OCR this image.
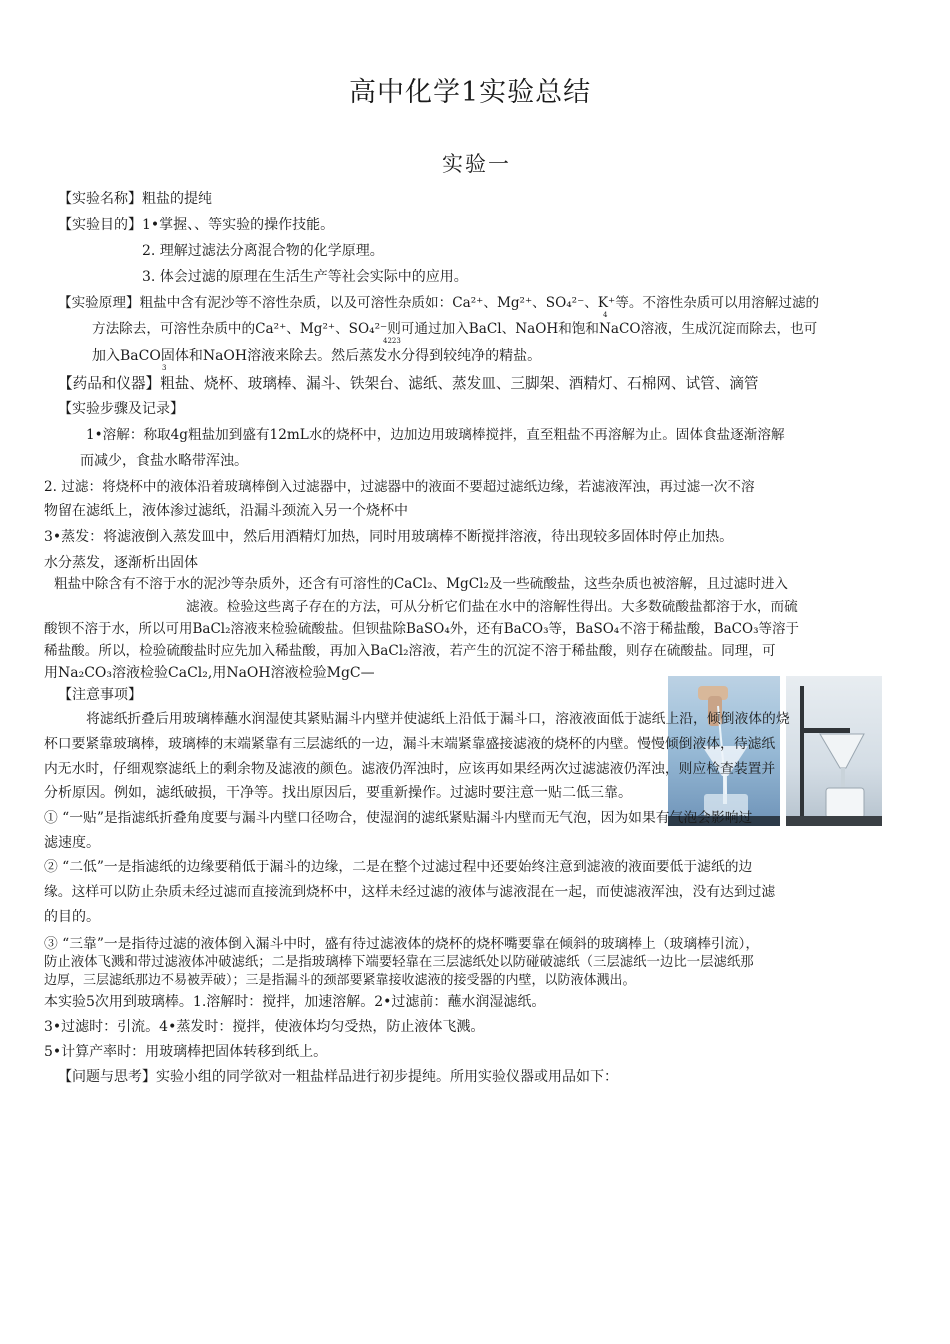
高中化学1实验总结
实验一
【实验名称】粗盐的提纯
【实验目的】1•掌握、、等实验的操作技能。
2. 理解过滤法分离混合物的化学原理。
3. 体会过滤的原理在生活生产等社会实际中的应用。
【实验原理】粗盐中含有泥沙等不溶性杂质，以及可溶性杂质如：Ca²⁺、Mg²⁺、SO₄²⁻、K⁺等。不溶性杂质可以用溶解过滤的
4
方法除去，可溶性杂质中的Ca²⁺、Mg²⁺、SO₄²⁻则可通过加入BaCl、NaOH和饱和NaCO溶液，生成沉淀而除去，也可
4223
加入BaCO固体和NaOH溶液来除去。然后蒸发水分得到较纯净的精盐。
3
【药品和仪器】粗盐、烧杯、玻璃棒、漏斗、铁架台、滤纸、蒸发皿、三脚架、酒精灯、石棉网、试管、滴管
【实验步骤及记录】
1•溶解：称取4g粗盐加到盛有12mL水的烧杯中，边加边用玻璃棒搅拌，直至粗盐不再溶解为止。固体食盐逐渐溶解
而减少，食盐水略带浑浊。
2. 过滤：将烧杯中的液体沿着玻璃棒倒入过滤器中，过滤器中的液面不要超过滤纸边缘，若滤液浑浊，再过滤一次不溶
物留在滤纸上，液体渗过滤纸，沿漏斗颈流入另一个烧杯中
3•蒸发：将滤液倒入蒸发皿中，然后用酒精灯加热，同时用玻璃棒不断搅拌溶液，待出现较多固体时停止加热。
水分蒸发，逐渐析出固体
粗盐中除含有不溶于水的泥沙等杂质外，还含有可溶性的CaCl₂、MgCl₂及一些硫酸盐，这些杂质也被溶解，且过滤时进入
滤液。检验这些离子存在的方法，可从分析它们盐在水中的溶解性得出。大多数硫酸盐都溶于水，而硫
酸钡不溶于水，所以可用BaCl₂溶液来检验硫酸盐。但钡盐除BaSO₄外，还有BaCO₃等，BaSO₄不溶于稀盐酸，BaCO₃等溶于
稀盐酸。所以，检验硫酸盐时应先加入稀盐酸，再加入BaCl₂溶液，若产生的沉淀不溶于稀盐酸，则存在硫酸盐。同理，可
用Na₂CO₃溶液检验CaCl₂,用NaOH溶液检验MgC—
【注意事项】
将滤纸折叠后用玻璃棒蘸水润湿使其紧贴漏斗内壁并使滤纸上沿低于漏斗口，溶液液面低于滤纸上沿，倾倒液体的烧
杯口要紧靠玻璃棒，玻璃棒的末端紧靠有三层滤纸的一边，漏斗末端紧靠盛接滤液的烧杯的内壁。慢慢倾倒液体，待滤纸
内无水时，仔细观察滤纸上的剩余物及滤液的颜色。滤液仍浑浊时，应该再如果经两次过滤滤液仍浑浊，则应检查装置并
分析原因。例如，滤纸破损，干净等。找出原因后，要重新操作。过滤时要注意一贴二低三靠。
① “一贴”是指滤纸折叠角度要与漏斗内壁口径吻合，使湿润的滤纸紧贴漏斗内壁而无气泡，因为如果有气泡会影响过
滤速度。
② “二低”一是指滤纸的边缘要稍低于漏斗的边缘，二是在整个过滤过程中还要始终注意到滤液的液面要低于滤纸的边
缘。这样可以防止杂质未经过滤而直接流到烧杯中，这样未经过滤的液体与滤液混在一起，而使滤液浑浊，没有达到过滤
的目的。
③ “三靠”一是指待过滤的液体倒入漏斗中时，盛有待过滤液体的烧杯的烧杯嘴要靠在倾斜的玻璃棒上（玻璃棒引流），
防止液体飞溅和带过滤液体冲破滤纸；二是指玻璃棒下端要轻靠在三层滤纸处以防碰破滤纸（三层滤纸一边比一层滤纸那
边厚，三层滤纸那边不易被弄破）；三是指漏斗的颈部要紧靠接收滤液的接受器的内壁，以防液体溅出。
本实验5次用到玻璃棒。1.溶解时：搅拌，加速溶解。2•过滤前：蘸水润湿滤纸。
3•过滤时：引流。4•蒸发时：搅拌，使液体均匀受热，防止液体飞溅。
5•计算产率时：用玻璃棒把固体转移到纸上。
【问题与思考】实验小组的同学欲对一粗盐样品进行初步提纯。所用实验仪器或用品如下：
